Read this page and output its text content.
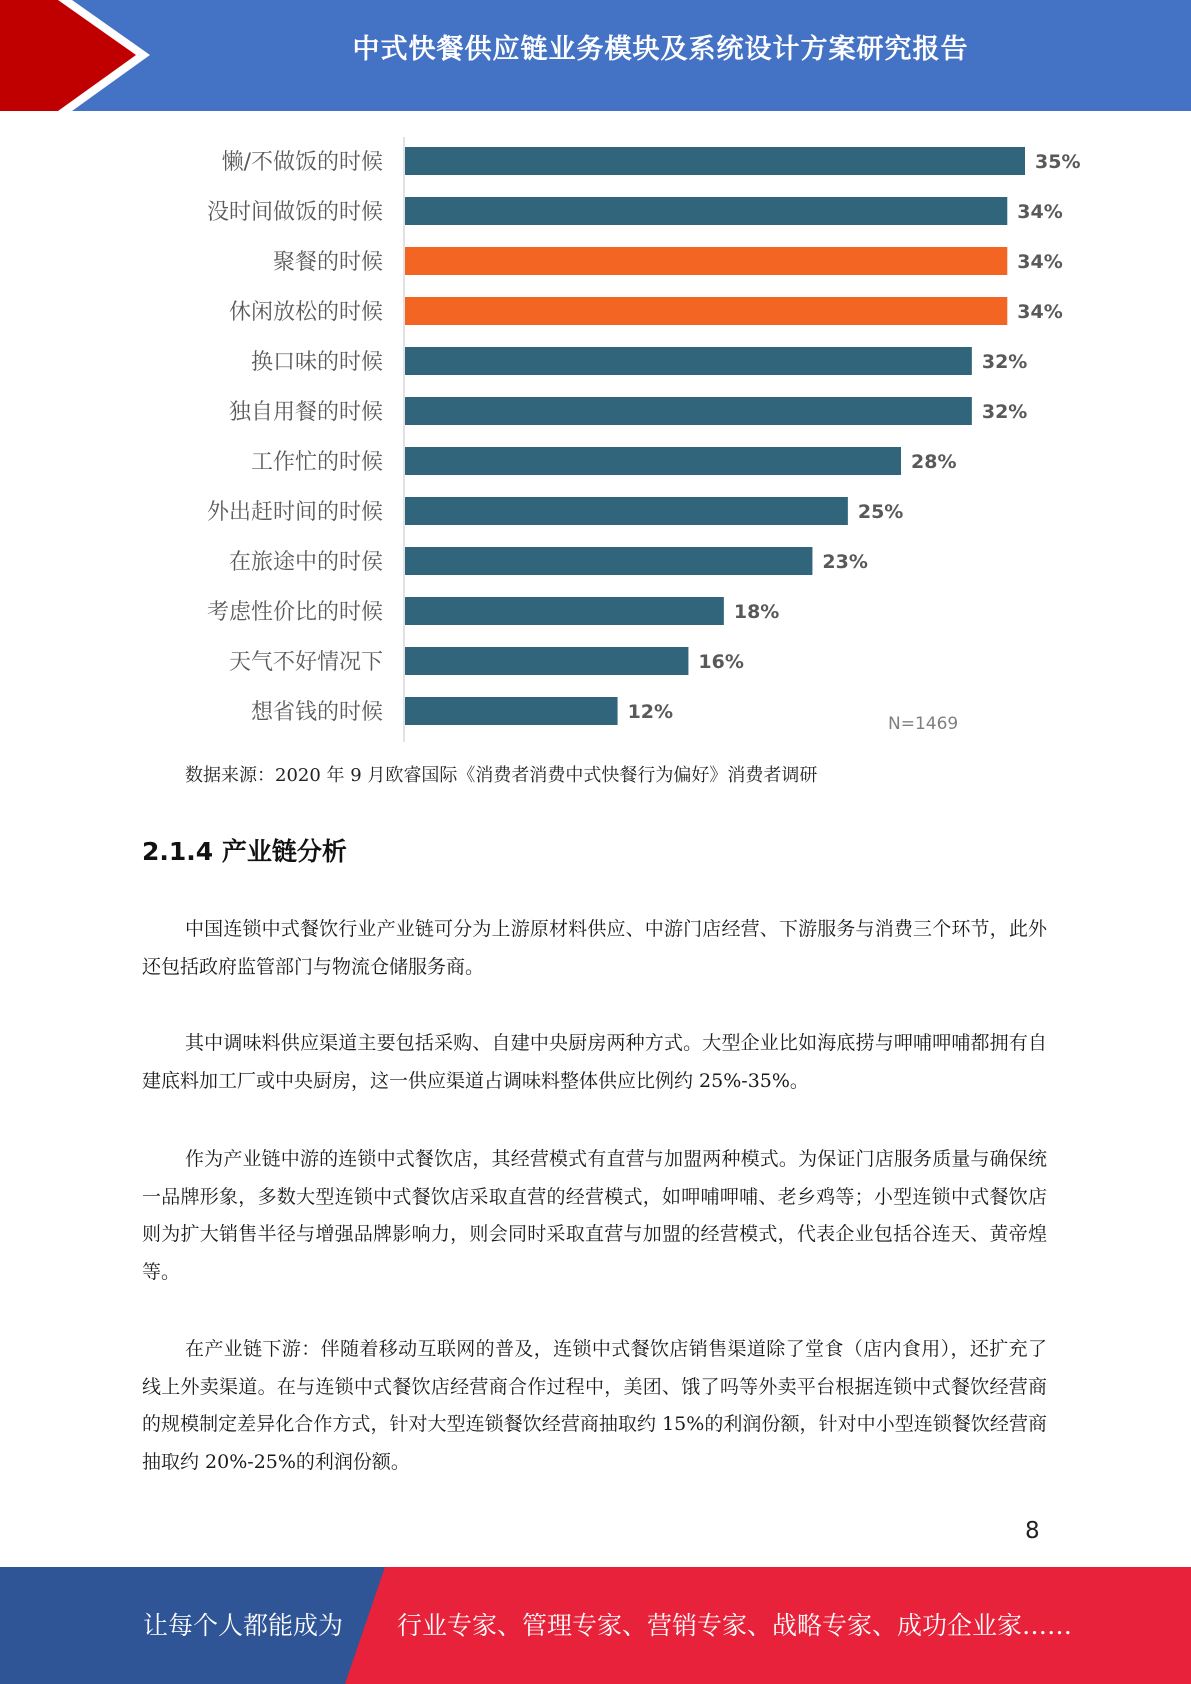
中式快餐供应链业务模块及系统设计方案研究报告
懒/不做饭的时候
没时间做饭的时候
聚餐的时候
休闲放松的时候
换口味的时候
独自用餐的时候
工作忙的时候
外出赶时间的时候
在旅途中的时侯
考虑性价比的时候
天气不好情况下
想省钱的时候
35%
34%
34%
34%
32%
32%
28%
25%
23%
18%
16%
12%
N=1469
数据来源：2020 年 9 月欧睿国际《消费者消费中式快餐行为偏好》消费者调研
2.1.4 产业链分析

中国连锁中式餐饮行业产业链可分为上游原材料供应、中游门店经营、下游服务与消费三个环节，此外还包括政府监管部门与物流仓储服务商。

其中调味料供应渠道主要包括采购、自建中央厨房两种方式。大型企业比如海底捞与呷哺呷哺都拥有自建底料加工厂或中央厨房，这一供应渠道占调味料整体供应比例约 25%-35%。

作为产业链中游的连锁中式餐饮店，其经营模式有直营与加盟两种模式。为保证门店服务质量与确保统一品牌形象，多数大型连锁中式餐饮店采取直营的经营模式，如呷哺呷哺、老乡鸡等；小型连锁中式餐饮店则为扩大销售半径与增强品牌影响力，则会同时采取直营与加盟的经营模式，代表企业包括谷连天、黄帝煌等。

在产业链下游：伴随着移动互联网的普及，连锁中式餐饮店销售渠道除了堂食（店内食用），还扩充了线上外卖渠道。在与连锁中式餐饮店经营商合作过程中，美团、饿了吗等外卖平台根据连锁中式餐饮经营商的规模制定差异化合作方式，针对大型连锁餐饮经营商抽取约 15%的利润份额，针对中小型连锁餐饮经营商抽取约 20%-25%的利润份额。

8
让每个人都能成为 行业专家、管理专家、营销专家、战略专家、成功企业家……
